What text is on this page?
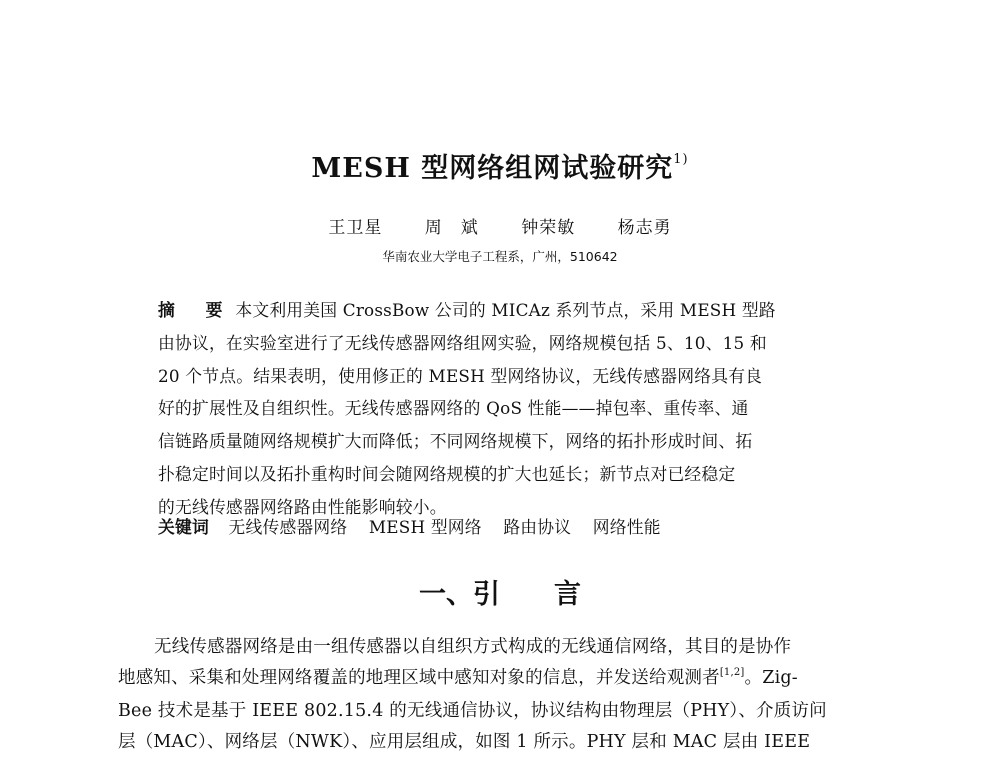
MESH 型网络组网试验研究$^{1)}$
王卫星 周　斌 钟荣敏 杨志勇
华南农业大学电子工程系，广州，510642
摘　要 本文利用美国 CrossBow 公司的 MICAz 系列节点，采用 MESH 型路
由协议，在实验室进行了无线传感器网络组网实验，网络规模包括 5、10、15 和
20 个节点。结果表明，使用修正的 MESH 型网络协议，无线传感器网络具有良
好的扩展性及自组织性。无线传感器网络的 QoS 性能——掉包率、重传率、通
信链路质量随网络规模扩大而降低；不同网络规模下，网络的拓扑形成时间、拓
扑稳定时间以及拓扑重构时间会随网络规模的扩大也延长；新节点对已经稳定
的无线传感器网络路由性能影响较小。
关键词 无线传感器网络 MESH 型网络 路由协议 网络性能
一、引 言
无线传感器网络是由一组传感器以自组织方式构成的无线通信网络，其目的是协作
地感知、采集和处理网络覆盖的地理区域中感知对象的信息，并发送给观测者[1,2]。Zig-
Bee 技术是基于 IEEE 802.15.4 的无线通信协议，协议结构由物理层（PHY）、介质访问
层（MAC）、网络层（NWK）、应用层组成，如图 1 所示。PHY 层和 MAC 层由 IEEE
